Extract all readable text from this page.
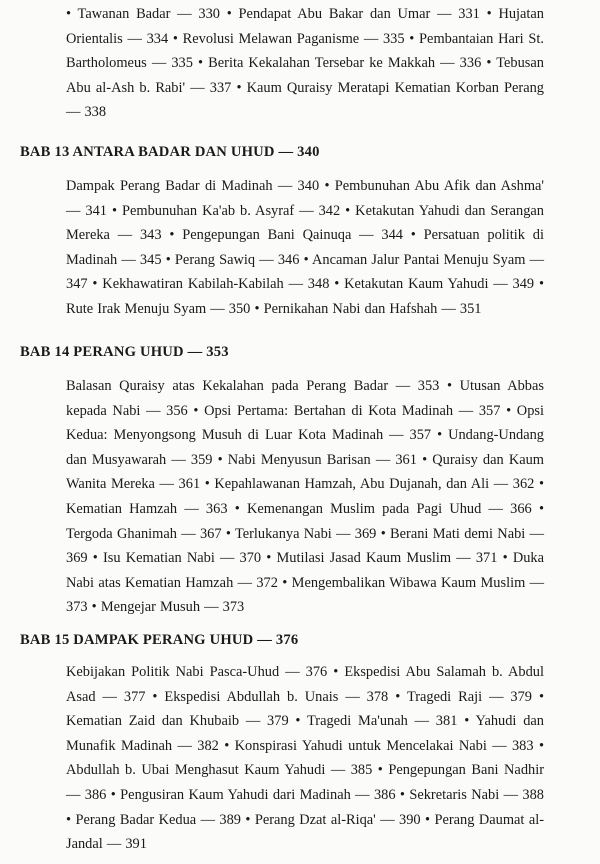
• Tawanan Badar — 330 • Pendapat Abu Bakar dan Umar — 331 • Hujatan Orientalis — 334 • Revolusi Melawan Paganisme — 335 • Pembantaian Hari St. Bartholomeus — 335 • Berita Kekalahan Tersebar ke Makkah — 336 • Tebusan Abu al-Ash b. Rabi' — 337 • Kaum Quraisy Meratapi Kematian Korban Perang — 338
BAB 13 ANTARA BADAR DAN UHUD — 340
Dampak Perang Badar di Madinah — 340 • Pembunuhan Abu Afik dan Ashma' — 341 • Pembunuhan Ka'ab b. Asyraf — 342 • Ketakutan Yahudi dan Serangan Mereka — 343 • Pengepungan Bani Qainuqa — 344 • Persatuan politik di Madinah — 345 • Perang Sawiq — 346 • Ancaman Jalur Pantai Menuju Syam — 347 • Kekhawatiran Kabilah-Kabilah — 348 • Ketakutan Kaum Yahudi — 349 • Rute Irak Menuju Syam — 350 • Pernikahan Nabi dan Hafshah — 351
BAB 14 PERANG UHUD — 353
Balasan Quraisy atas Kekalahan pada Perang Badar — 353 • Utusan Abbas kepada Nabi — 356 • Opsi Pertama: Bertahan di Kota Madinah — 357 • Opsi Kedua: Menyongsong Musuh di Luar Kota Madinah — 357 • Undang-Undang dan Musyawarah — 359 • Nabi Menyusun Barisan — 361 • Quraisy dan Kaum Wanita Mereka — 361 • Kepahlawanan Hamzah, Abu Dujanah, dan Ali — 362 • Kematian Hamzah — 363 • Kemenangan Muslim pada Pagi Uhud — 366 • Tergoda Ghanimah — 367 • Terlukanya Nabi — 369 • Berani Mati demi Nabi — 369 • Isu Kematian Nabi — 370 • Mutilasi Jasad Kaum Muslim — 371 • Duka Nabi atas Kematian Hamzah — 372 • Mengembalikan Wibawa Kaum Muslim — 373 • Mengejar Musuh — 373
BAB 15 DAMPAK PERANG UHUD — 376
Kebijakan Politik Nabi Pasca-Uhud — 376 • Ekspedisi Abu Salamah b. Abdul Asad — 377 • Ekspedisi Abdullah b. Unais — 378 • Tragedi Raji — 379 • Kematian Zaid dan Khubaib — 379 • Tragedi Ma'unah — 381 • Yahudi dan Munafik Madinah — 382 • Konspirasi Yahudi untuk Mencelakai Nabi — 383 • Abdullah b. Ubai Menghasut Kaum Yahudi — 385 • Pengepungan Bani Nadhir — 386 • Pengusiran Kaum Yahudi dari Madinah — 386 • Sekretaris Nabi — 388 • Perang Badar Kedua — 389 • Perang Dzat al-Riqa' — 390 • Perang Daumat al-Jandal — 391
